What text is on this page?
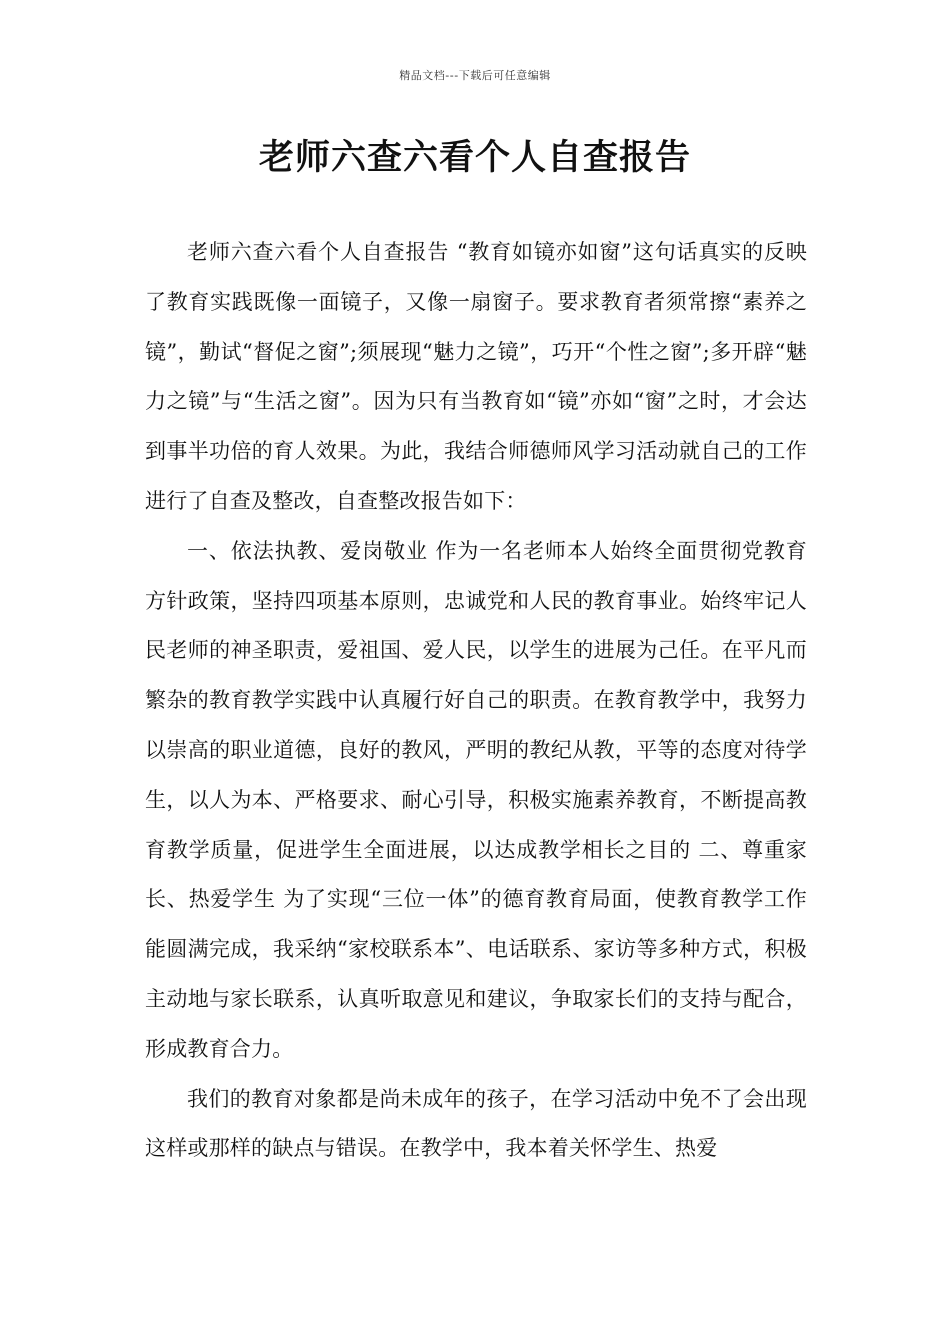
精品文档---下载后可任意编辑
老师六查六看个人自查报告

老师六查六看个人自查报告 “教育如镜亦如窗”这句话真实的反映了教育实践既像一面镜子，又像一扇窗子。要求教育者须常擦“素养之镜”，勤试“督促之窗”;须展现“魅力之镜”，巧开“个性之窗”;多开辟“魅力之镜”与“生活之窗”。因为只有当教育如“镜”亦如“窗”之时，才会达到事半功倍的育人效果。为此，我结合师德师风学习活动就自己的工作进行了自查及整改，自查整改报告如下：

一、依法执教、爱岗敬业 作为一名老师本人始终全面贯彻党教育方针政策，坚持四项基本原则，忠诚党和人民的教育事业。始终牢记人民老师的神圣职责，爱祖国、爱人民，以学生的进展为己任。在平凡而繁杂的教育教学实践中认真履行好自己的职责。在教育教学中，我努力以崇高的职业道德，良好的教风，严明的教纪从教，平等的态度对待学生，以人为本、严格要求、耐心引导，积极实施素养教育，不断提高教育教学质量，促进学生全面进展，以达成教学相长之目的 二、尊重家长、热爱学生 为了实现“三位一体”的德育教育局面，使教育教学工作能圆满完成，我采纳“家校联系本”、电话联系、家访等多种方式，积极主动地与家长联系，认真听取意见和建议，争取家长们的支持与配合，形成教育合力。

我们的教育对象都是尚未成年的孩子，在学习活动中免不了会出现这样或那样的缺点与错误。在教学中，我本着关怀学生、热爱
